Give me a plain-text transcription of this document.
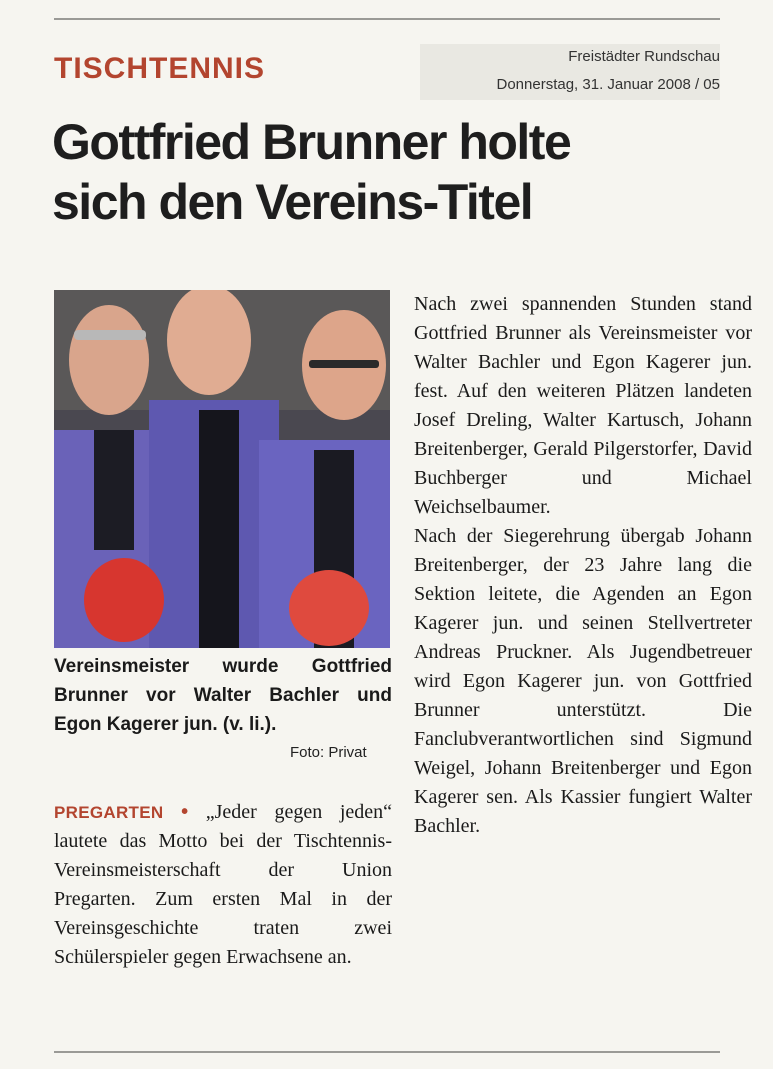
TISCHTENNIS	Freistädter Rundschau
Donnerstag, 31. Januar 2008 / 05
Gottfried Brunner holte
sich den Vereins-Titel
Vereinsmeister wurde Gottfried Brunner vor Walter Bachler und Egon Kagerer jun. (v. li.).
Foto: Privat

PREGARTEN • „Jeder gegen jeden“ lautete das Motto bei der Tischtennis-Vereinsmeisterschaft der Union Pregarten. Zum ersten Mal in der Vereinsgeschichte traten zwei Schülerspieler gegen Erwachsene an.

Nach zwei spannenden Stunden stand Gottfried Brunner als Vereinsmeister vor Walter Bachler und Egon Kagerer jun. fest. Auf den weiteren Plätzen landeten Josef Dreling, Walter Kartusch, Johann Breitenberger, Gerald Pilgerstorfer, David Buchberger und Michael Weichselbaumer.

Nach der Siegerehrung übergab Johann Breitenberger, der 23 Jahre lang die Sektion leitete, die Agenden an Egon Kagerer jun. und seinen Stellvertreter Andreas Pruckner. Als Jugendbetreuer wird Egon Kagerer jun. von Gottfried Brunner unterstützt. Die Fanclubverantwortlichen sind Sigmund Weigel, Johann Breitenberger und Egon Kagerer sen. Als Kassier fungiert Walter Bachler.
